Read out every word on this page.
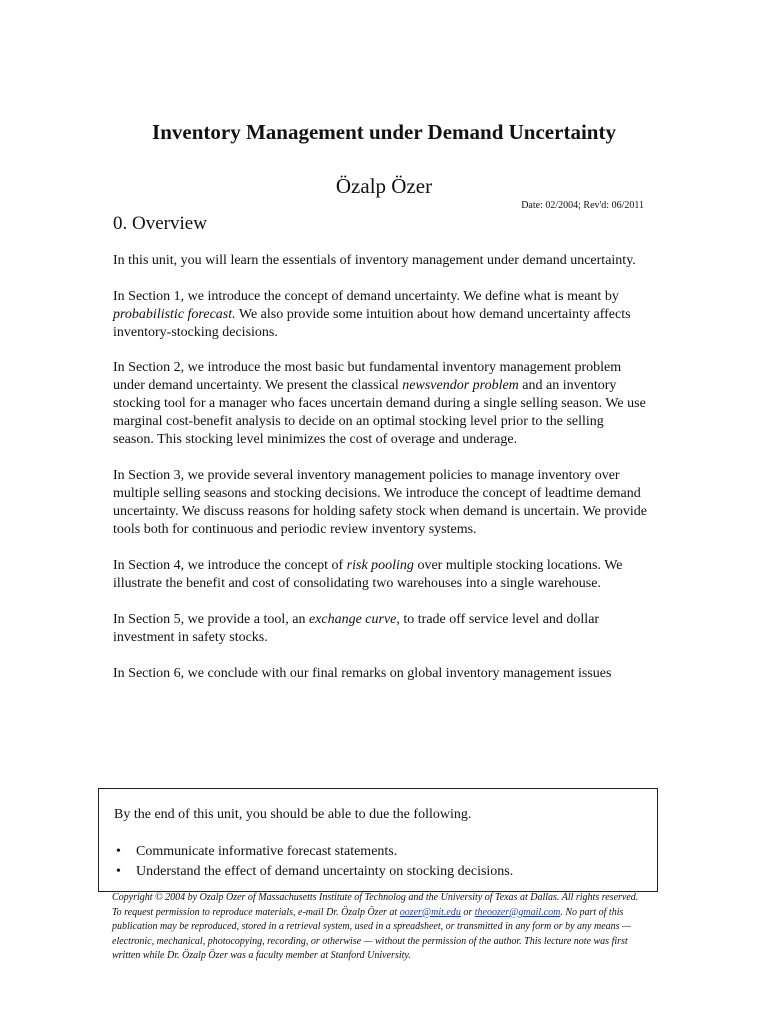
Inventory Management under Demand Uncertainty
Özalp Özer
Date: 02/2004; Rev'd: 06/2011
0. Overview

In this unit, you will learn the essentials of inventory management under demand uncertainty.

In Section 1, we introduce the concept of demand uncertainty. We define what is meant by probabilistic forecast. We also provide some intuition about how demand uncertainty affects inventory-stocking decisions.

In Section 2, we introduce the most basic but fundamental inventory management problem under demand uncertainty. We present the classical newsvendor problem and an inventory stocking tool for a manager who faces uncertain demand during a single selling season. We use marginal cost-benefit analysis to decide on an optimal stocking level prior to the selling season. This stocking level minimizes the cost of overage and underage.

In Section 3, we provide several inventory management policies to manage inventory over multiple selling seasons and stocking decisions. We introduce the concept of leadtime demand uncertainty. We discuss reasons for holding safety stock when demand is uncertain. We provide tools both for continuous and periodic review inventory systems.

In Section 4, we introduce the concept of risk pooling over multiple stocking locations. We illustrate the benefit and cost of consolidating two warehouses into a single warehouse.

In Section 5, we provide a tool, an exchange curve, to trade off service level and dollar investment in safety stocks.

In Section 6, we conclude with our final remarks on global inventory management issues

By the end of this unit, you should be able to due the following.

• Communicate informative forecast statements.
• Understand the effect of demand uncertainty on stocking decisions.
Copyright © 2004 by Özalp Özer of Massachusetts Institute of Technolog and the University of Texas at Dallas. All rights reserved. To request permission to reproduce materials, e-mail Dr. Özalp Özer at oozer@mit.edu or theoozer@gmail.com. No part of this publication may be reproduced, stored in a retrieval system, used in a spreadsheet, or transmitted in any form or by any means — electronic, mechanical, photocopying, recording, or otherwise — without the permission of the author. This lecture note was first written while Dr. Özalp Özer was a faculty member at Stanford University.
